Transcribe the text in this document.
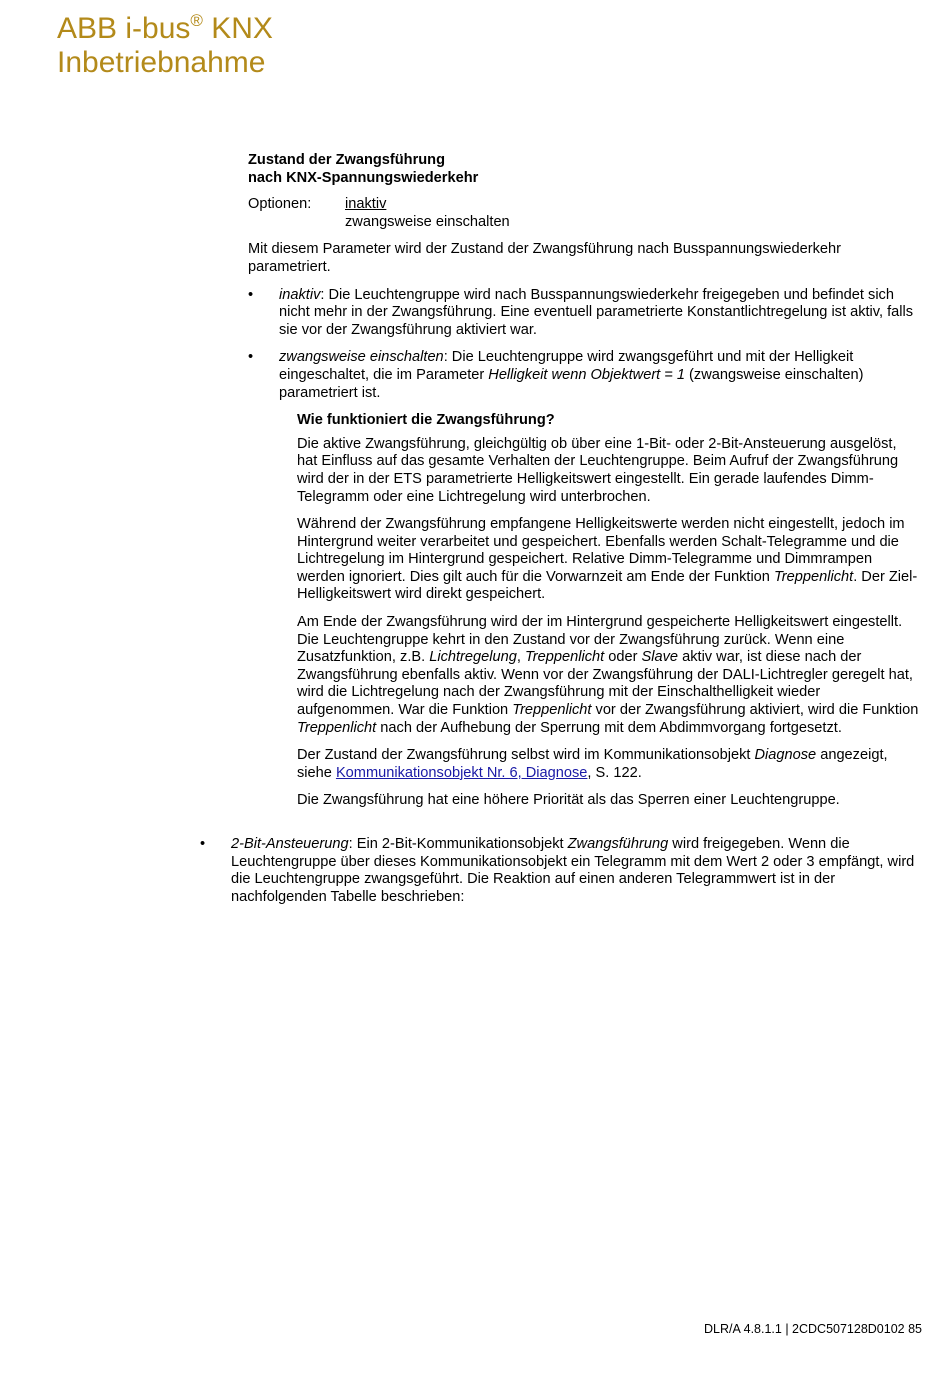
ABB i-bus® KNX
Inbetriebnahme
Zustand der Zwangsführung
nach KNX-Spannungswiederkehr
Optionen:	inaktiv
zwangsweise einschalten

Mit diesem Parameter wird der Zustand der Zwangsführung nach Busspannungswiederkehr parametriert.

• inaktiv: Die Leuchtengruppe wird nach Busspannungswiederkehr freigegeben und befindet sich nicht mehr in der Zwangsführung. Eine eventuell parametrierte Konstantlichtregelung ist aktiv, falls sie vor der Zwangsführung aktiviert war.

• zwangsweise einschalten: Die Leuchtengruppe wird zwangsgeführt und mit der Helligkeit eingeschaltet, die im Parameter Helligkeit wenn Objektwert = 1 (zwangsweise einschalten) parametriert ist.

Wie funktioniert die Zwangsführung?

Die aktive Zwangsführung, gleichgültig ob über eine 1-Bit- oder 2-Bit-Ansteuerung ausgelöst, hat Einfluss auf das gesamte Verhalten der Leuchtengruppe. Beim Aufruf der Zwangsführung wird der in der ETS parametrierte Helligkeitswert eingestellt. Ein gerade laufendes Dimm-Telegramm oder eine Lichtregelung wird unterbrochen.

Während der Zwangsführung empfangene Helligkeitswerte werden nicht eingestellt, jedoch im Hintergrund weiter verarbeitet und gespeichert. Ebenfalls werden Schalt-Telegramme und die Lichtregelung im Hintergrund gespeichert. Relative Dimm-Telegramme und Dimmrampen werden ignoriert. Dies gilt auch für die Vorwarnzeit am Ende der Funktion Treppenlicht. Der Ziel-Helligkeitswert wird direkt gespeichert.

Am Ende der Zwangsführung wird der im Hintergrund gespeicherte Helligkeitswert eingestellt. Die Leuchtengruppe kehrt in den Zustand vor der Zwangsführung zurück. Wenn eine Zusatzfunktion, z.B. Lichtregelung, Treppenlicht oder Slave aktiv war, ist diese nach der Zwangsführung ebenfalls aktiv. Wenn vor der Zwangsführung der DALI-Lichtregler geregelt hat, wird die Lichtregelung nach der Zwangsführung mit der Einschalthelligkeit wieder aufgenommen. War die Funktion Treppenlicht vor der Zwangsführung aktiviert, wird die Funktion Treppenlicht nach der Aufhebung der Sperrung mit dem Abdimmvorgang fortgesetzt.

Der Zustand der Zwangsführung selbst wird im Kommunikationsobjekt Diagnose angezeigt, siehe Kommunikationsobjekt Nr. 6, Diagnose, S. 122.

Die Zwangsführung hat eine höhere Priorität als das Sperren einer Leuchtengruppe.

• 2-Bit-Ansteuerung: Ein 2-Bit-Kommunikationsobjekt Zwangsführung wird freigegeben. Wenn die Leuchtengruppe über dieses Kommunikationsobjekt ein Telegramm mit dem Wert 2 oder 3 empfängt, wird die Leuchtengruppe zwangsgeführt. Die Reaktion auf einen anderen Telegrammwert ist in der nachfolgenden Tabelle beschrieben:

DLR/A 4.8.1.1 | 2CDC507128D0102 85
